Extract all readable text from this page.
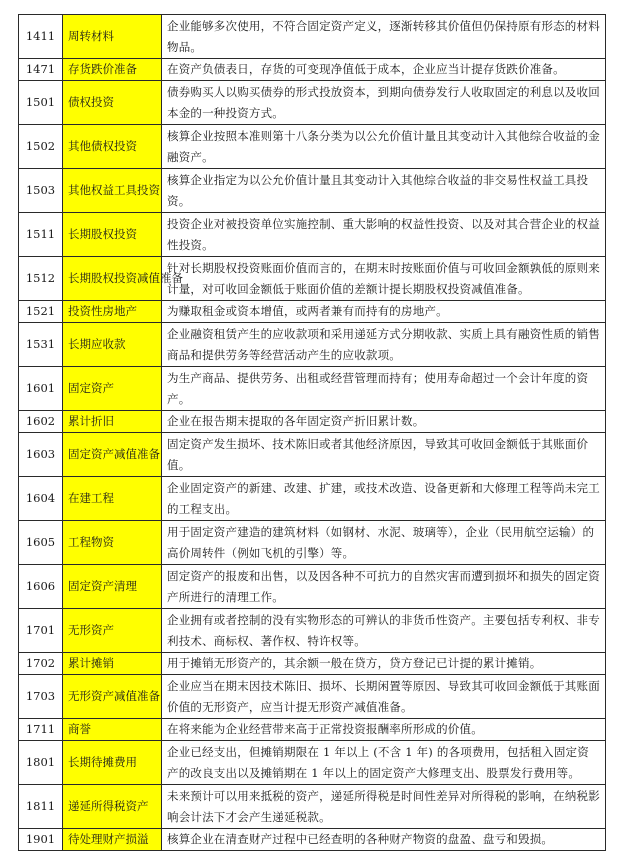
1411	周转材料	企业能够多次使用，不符合固定资产定义，逐渐转移其价值但仍保持原有形态的材料物品。
1471	存货跌价准备	在资产负债表日，存货的可变现净值低于成本，企业应当计提存货跌价准备。
1501	债权投资	债券购买人以购买债券的形式投放资本，到期向债券发行人收取固定的利息以及收回本金的一种投资方式。
1502	其他债权投资	核算企业按照本准则第十八条分类为以公允价值计量且其变动计入其他综合收益的金融资产。
1503	其他权益工具投资	核算企业指定为以公允价值计量且其变动计入其他综合收益的非交易性权益工具投资。
1511	长期股权投资	投资企业对被投资单位实施控制、重大影响的权益性投资、以及对其合营企业的权益性投资。
1512	长期股权投资减值准备	针对长期股权投资账面价值而言的，在期末时按账面价值与可收回金额孰低的原则来计量，对可收回金额低于账面价值的差额计提长期股权投资减值准备。
1521	投资性房地产	为赚取租金或资本增值，或两者兼有而持有的房地产。
1531	长期应收款	企业融资租赁产生的应收款项和采用递延方式分期收款、实质上具有融资性质的销售商品和提供劳务等经营活动产生的应收款项。
1601	固定资产	为生产商品、提供劳务、出租或经营管理而持有；使用寿命超过一个会计年度的资产。
1602	累计折旧	企业在报告期末提取的各年固定资产折旧累计数。
1603	固定资产减值准备	固定资产发生损坏、技术陈旧或者其他经济原因，导致其可收回金额低于其账面价值。
1604	在建工程	企业固定资产的新建、改建、扩建，或技术改造、设备更新和大修理工程等尚未完工的工程支出。
1605	工程物资	用于固定资产建造的建筑材料（如钢材、水泥、玻璃等），企业（民用航空运输）的高价周转件（例如飞机的引擎）等。
1606	固定资产清理	固定资产的报废和出售，以及因各种不可抗力的自然灾害而遭到损坏和损失的固定资产所进行的清理工作。
1701	无形资产	企业拥有或者控制的没有实物形态的可辨认的非货币性资产。主要包括专利权、非专利技术、商标权、著作权、特许权等。
1702	累计摊销	用于摊销无形资产的，其余额一般在贷方，贷方登记已计提的累计摊销。
1703	无形资产减值准备	企业应当在期末因技术陈旧、损坏、长期闲置等原因、导致其可收回金额低于其账面价值的无形资产，应当计提无形资产减值准备。
1711	商誉	在将来能为企业经营带来高于正常投资报酬率所形成的价值。
1801	长期待摊费用	企业已经支出，但摊销期限在 1 年以上 (不含 1 年) 的各项费用，包括租入固定资产的改良支出以及摊销期在 1 年以上的固定资产大修理支出、股票发行费用等。
1811	递延所得税资产	未来预计可以用来抵税的资产，递延所得税是时间性差异对所得税的影响，在纳税影响会计法下才会产生递延税款。
1901	待处理财产损溢	核算企业在清查财产过程中已经查明的各种财产物资的盘盈、盘亏和毁损。
